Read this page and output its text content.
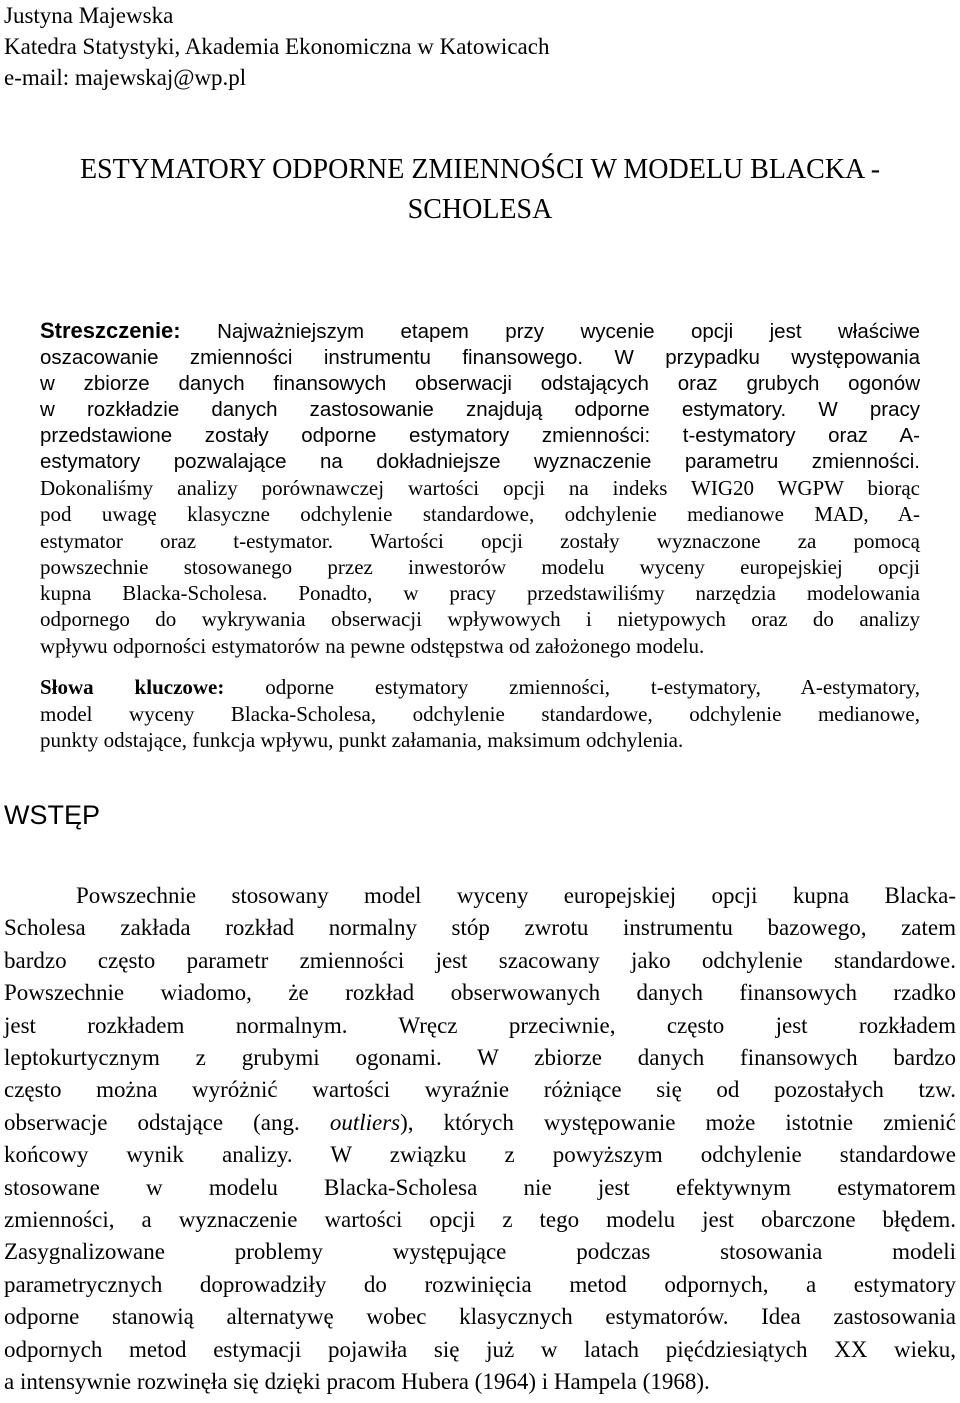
Justyna Majewska
Katedra Statystyki, Akademia Ekonomiczna w Katowicach
e-mail: majewskaj@wp.pl
ESTYMATORY ODPORNE ZMIENNOŚCI W MODELU BLACKA -
SCHOLESA
Streszczenie: Najważniejszym etapem przy wycenie opcji jest właściwe
oszacowanie zmienności instrumentu finansowego. W przypadku występowania
w zbiorze danych finansowych obserwacji odstających oraz grubych ogonów
w rozkładzie danych zastosowanie znajdują odporne estymatory. W pracy
przedstawione zostały odporne estymatory zmienności: t-estymatory oraz A-
estymatory pozwalające na dokładniejsze wyznaczenie parametru zmienności.
Dokonaliśmy analizy porównawczej wartości opcji na indeks WIG20 WGPW biorąc
pod uwagę klasyczne odchylenie standardowe, odchylenie medianowe MAD, A-
estymator oraz t-estymator. Wartości opcji zostały wyznaczone za pomocą
powszechnie stosowanego przez inwestorów modelu wyceny europejskiej opcji
kupna Blacka-Scholesa. Ponadto, w pracy przedstawiliśmy narzędzia modelowania
odpornego do wykrywania obserwacji wpływowych i nietypowych oraz do analizy
wpływu odporności estymatorów na pewne odstępstwa od założonego modelu.
Słowa kluczowe: odporne estymatory zmienności, t-estymatory, A-estymatory,
model wyceny Blacka-Scholesa, odchylenie standardowe, odchylenie medianowe,
punkty odstające, funkcja wpływu, punkt załamania, maksimum odchylenia.
WSTĘP
Powszechnie stosowany model wyceny europejskiej opcji kupna Blacka-
Scholesa zakłada rozkład normalny stóp zwrotu instrumentu bazowego, zatem
bardzo często parametr zmienności jest szacowany jako odchylenie standardowe.
Powszechnie wiadomo, że rozkład obserwowanych danych finansowych rzadko
jest rozkładem normalnym. Wręcz przeciwnie, często jest rozkładem
leptokurtycznym z grubymi ogonami. W zbiorze danych finansowych bardzo
często można wyróżnić wartości wyraźnie różniące się od pozostałych tzw.
obserwacje odstające (ang. outliers), których występowanie może istotnie zmienić
końcowy wynik analizy. W związku z powyższym odchylenie standardowe
stosowane w modelu Blacka-Scholesa nie jest efektywnym estymatorem
zmienności, a wyznaczenie wartości opcji z tego modelu jest obarczone błędem.
Zasygnalizowane problemy występujące podczas stosowania modeli
parametrycznych doprowadziły do rozwinięcia metod odpornych, a estymatory
odporne stanowią alternatywę wobec klasycznych estymatorów. Idea zastosowania
odpornych metod estymacji pojawiła się już w latach pięćdziesiątych XX wieku,
a intensywnie rozwinęła się dzięki pracom Hubera (1964) i Hampela (1968).
